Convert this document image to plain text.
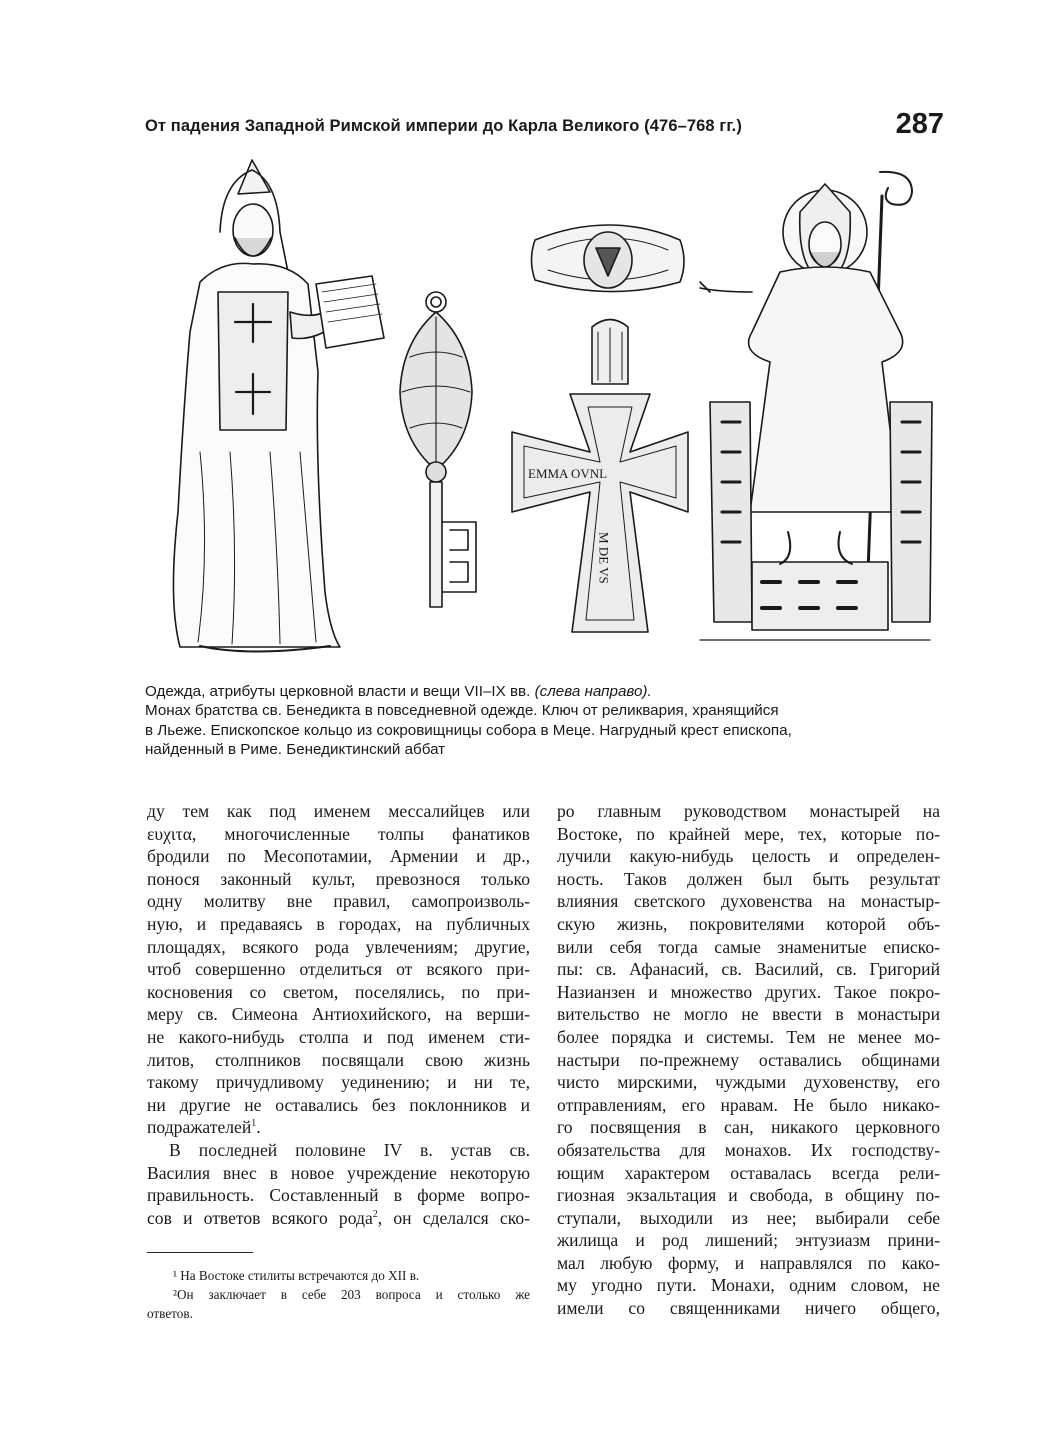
От падения Западной Римской империи до Карла Великого (476–768 гг.)	287
EMMA OVNL
M DE VS

Одежда, атрибуты церковной власти и вещи VII–IX вв. (слева направо).

Монах братства св. Бенедикта в повседневной одежде. Ключ от реликвария, хранящийся

в Льеже. Епископское кольцо из сокровищницы собора в Меце. Нагрудный крест епископа,

найденный в Риме. Бенедиктинский аббат

ду тем как под именем мессалийцев или
ευχιτα, многочисленные толпы фанатиков
бродили по Месопотамии, Армении и др.,
понося законный культ, превознося только
одну молитву вне правил, самопроизволь-
ную, и предаваясь в городах, на публичных
площадях, всякого рода увлечениям; другие,
чтоб совершенно отделиться от всякого при-
косновения со светом, поселялись, по при-
меру св. Симеона Антиохийского, на верши-
не какого-нибудь столпа и под именем сти-
литов, столпников посвящали свою жизнь
такому причудливому уединению; и ни те,
ни другие не оставались без поклонников и
подражателей$^1$.
В последней половине IV в. устав св.
Василия внес в новое учреждение некоторую
правильность. Составленный в форме вопро-
сов и ответов всякого рода$^2$, он сделался ско-
¹ На Востоке стилиты встречаются до XII в.
²Он заключает в себе 203 вопроса и столько же
ответов.
ро главным руководством монастырей на
Востоке, по крайней мере, тех, которые по-
лучили какую-нибудь целость и определен-
ность. Таков должен был быть результат
влияния светского духовенства на монастыр-
скую жизнь, покровителями которой объ-
вили себя тогда самые знаменитые еписко-
пы: св. Афанасий, св. Василий, св. Григорий
Назианзен и множество других. Такое покро-
вительство не могло не ввести в монастыри
более порядка и системы. Тем не менее мо-
настыри по-прежнему оставались общинами
чисто мирскими, чуждыми духовенству, его
отправлениям, его нравам. Не было никако-
го посвящения в сан, никакого церковного
обязательства для монахов. Их господству-
ющим характером оставалась всегда рели-
гиозная экзальтация и свобода, в общину по-
ступали, выходили из нее; выбирали себе
жилища и род лишений; энтузиазм прини-
мал любую форму, и направлялся по како-
му угодно пути. Монахи, одним словом, не
имели со священниками ничего общего,
